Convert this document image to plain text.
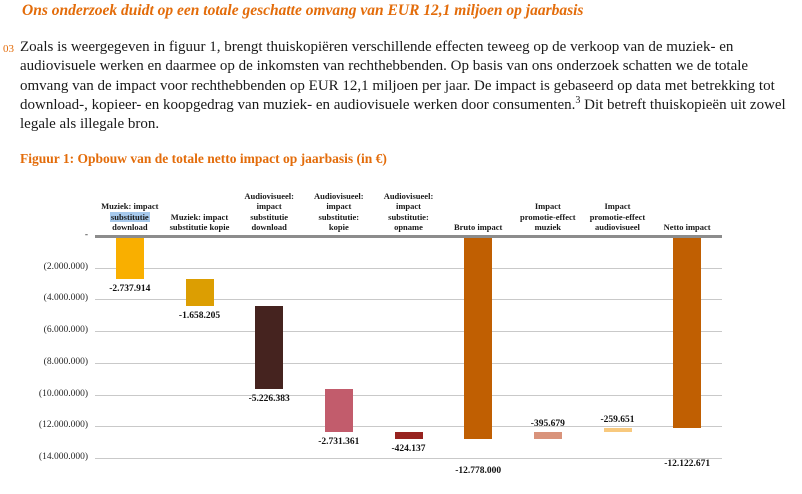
Ons onderzoek duidt op een totale geschatte omvang van EUR 12,1 miljoen op jaarbasis
03 Zoals is weergegeven in figuur 1, brengt thuiskopiëren verschillende effecten teweeg op de verkoop van de muziek- en audiovisuele werken en daarmee op de inkomsten van rechthebbenden. Op basis van ons onderzoek schatten we de totale omvang van de impact voor rechthebbenden op EUR 12,1 miljoen per jaar. De impact is gebaseerd op data met betrekking tot download-, kopieer- en koopgedrag van muziek- en audiovisuele werken door consumenten.$^3$ Dit betreft thuiskopieën uit zowel legale als illegale bron.

Figuur 1: Opbouw van de totale netto impact op jaarbasis (in €)
-
(2.000.000)
(4.000.000)
(6.000.000)
(8.000.000)
(10.000.000)
(12.000.000)
(14.000.000)
-2.737.914
-1.658.205
-5.226.383
-2.731.361
-424.137
-12.778.000
-395.679	-259.651
-12.122.671
Muziek: impact
substitutie
download
Muziek: impact
substitutie kopie
Audiovisueel:
impact
substitutie
download
Audiovisueel:
impact
substitutie:
kopie
Audiovisueel:
impact
substitutie:
opname	Bruto impact
Impact
promotie-effect
muziek
Impact
promotie-effect
audiovisueel	Netto impact
